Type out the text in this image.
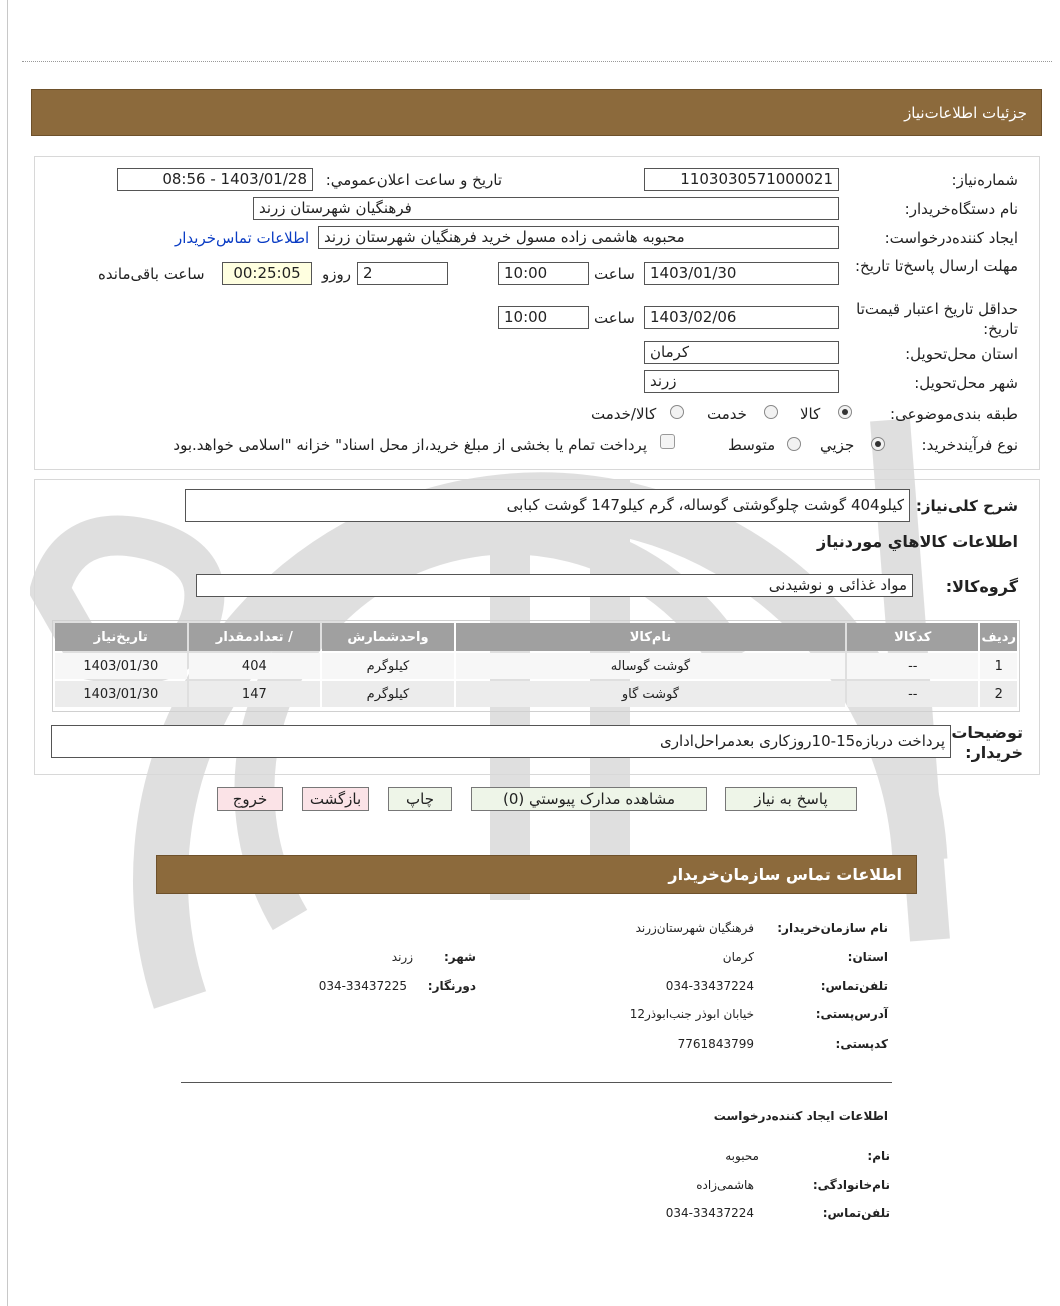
جزئيات اطلاعات‌نیاز
شماره‌نیاز:
1103030571000021
تاريخ و ساعت اعلان‌عمومي:
1403/01/28 - 08:56
نام دستگاه‌خريدار:
فرهنگیان شهرستان زرند
ایجاد کننده‌درخواست:
محبوبه هاشمی زاده مسول خرید فرهنگیان شهرستان زرند
اطلاعات تماس‌خریدار
مهلت ارسال پاسخ‌تا تاریخ:
1403/01/30
ساعت
10:00
2
روزو
00:25:05
ساعت باقی‌مانده
حداقل تاريخ اعتبار قیمت‌تا تاریخ:
1403/02/06
ساعت
10:00
استان محل‌تحویل:
کرمان
شهر محل‌تحویل:
زرند
طبقه بندی‌موضوعی:
کالا
خدمت
کالا/خدمت
نوع فرآیند‌خرید:
جزيي
متوسط
پرداخت تمام یا بخشی از مبلغ خرید،از محل اسناد" خزانه "اسلامی خواهد.بود
شرح کلی‌نیاز:
کیلو404 گوشت چلوگوشتی گوساله، گرم کیلو147 گوشت کبابی
اطلاعات کالاهاي موردنياز
گروه‌کالا:
مواد غذائی و نوشیدنی
تاریخ‌نیاز	تعدادمقدار /	واحدشمارش	نام‌کالا	کدکالا	رديف
1403/01/30	404	کیلوگرم	گوشت گوساله	--	1
1403/01/30	147	کیلوگرم	گوشت گاو	--	2
توضیحات خریدار:
پرداخت دربازه15-10روزکاری بعدمراحل‌اداری
پاسخ به نیاز
مشاهده مدارک پیوستي (0)
چاپ
بازگشت
خروج
اطلاعات تماس سازمان‌خریدار
نام سازمان‌خریدار:
فرهنگیان شهرستان‌زرند
استان:
کرمان
شهر:
زرند
تلفن‌تماس:
034-33437224
دورنگار:
034-33437225
آدرس‌پستی:
خیابان ابوذر جنب‌ابوذر12
کدپستی:
7761843799
اطلاعات ایجاد کننده‌درخواست
نام:
محبوبه
نام‌خانوادگی:
هاشمی‌زاده
تلفن‌تماس:
034-33437224
